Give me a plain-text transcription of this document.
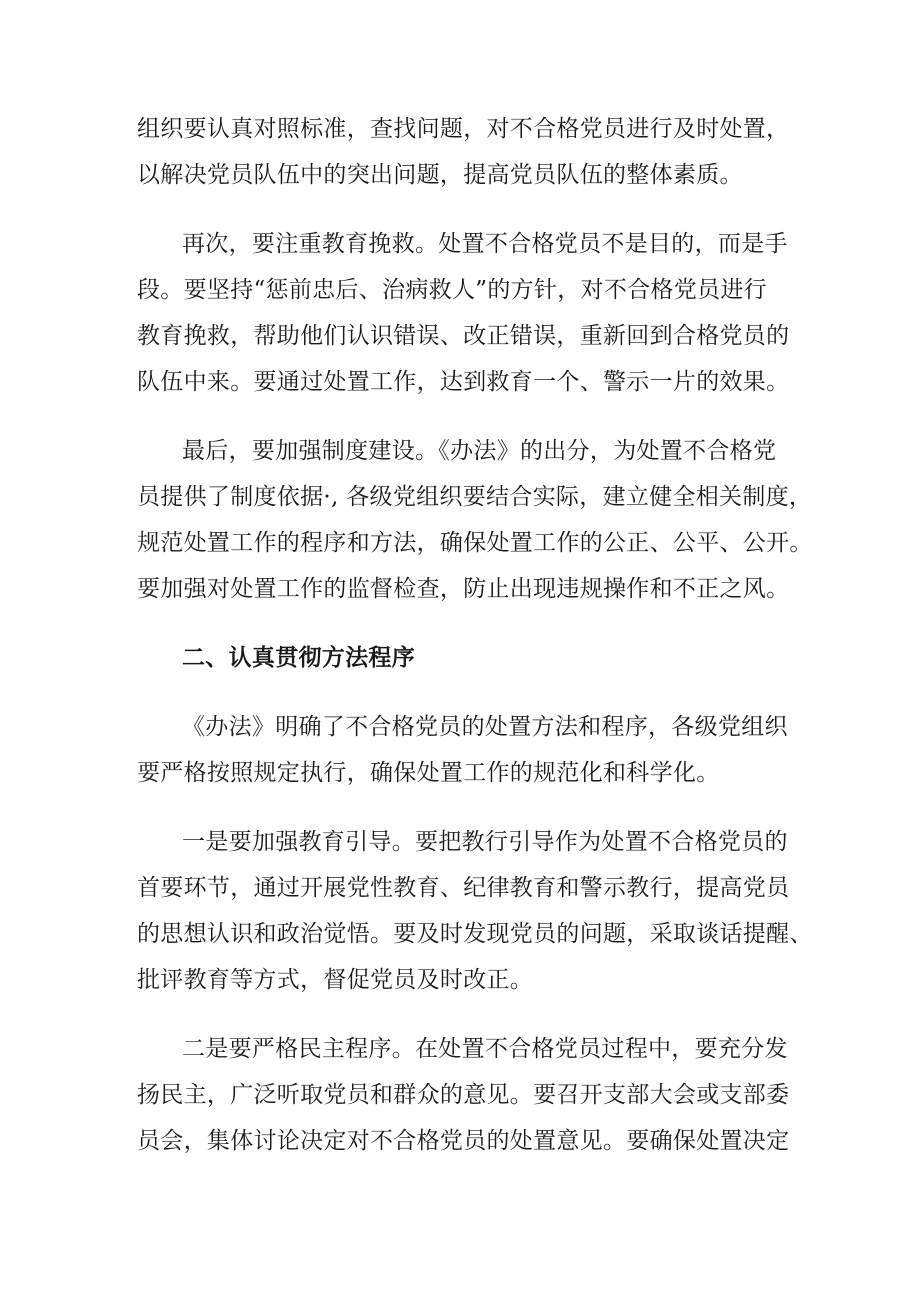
组织要认真对照标准，查找问题，对不合格党员进行及时处置，
以解决党员队伍中的突出问题，提高党员队伍的整体素质。
再次，要注重教育挽救。处置不合格党员不是目的，而是手
段。要坚持“惩前忠后、治病救人”的方针，对不合格党员进行
教育挽救，帮助他们认识错误、改正错误，重新回到合格党员的
队伍中来。要通过处置工作，达到救育一个、警示一片的效果。
最后，要加强制度建设。《办法》的出分，为处置不合格党
员提供了制度依据·, 各级党组织要结合实际，建立健全相关制度，
规范处置工作的程序和方法，确保处置工作的公正、公平、公开。
要加强对处置工作的监督检查，防止出现违规操作和不正之风。
二、认真贯彻方法程序
《办法》明确了不合格党员的处置方法和程序，各级党组织
要严格按照规定执行，确保处置工作的规范化和科学化。
一是要加强教育引导。要把教行引导作为处置不合格党员的
首要环节，通过开展党性教育、纪律教育和警示教行，提高党员
的思想认识和政治觉悟。要及时发现党员的问题，采取谈话提醒、
批评教育等方式，督促党员及时改正。
二是要严格民主程序。在处置不合格党员过程中，要充分发
扬民主，广泛听取党员和群众的意见。要召开支部大会或支部委
员会，集体讨论决定对不合格党员的处置意见。要确保处置决定
